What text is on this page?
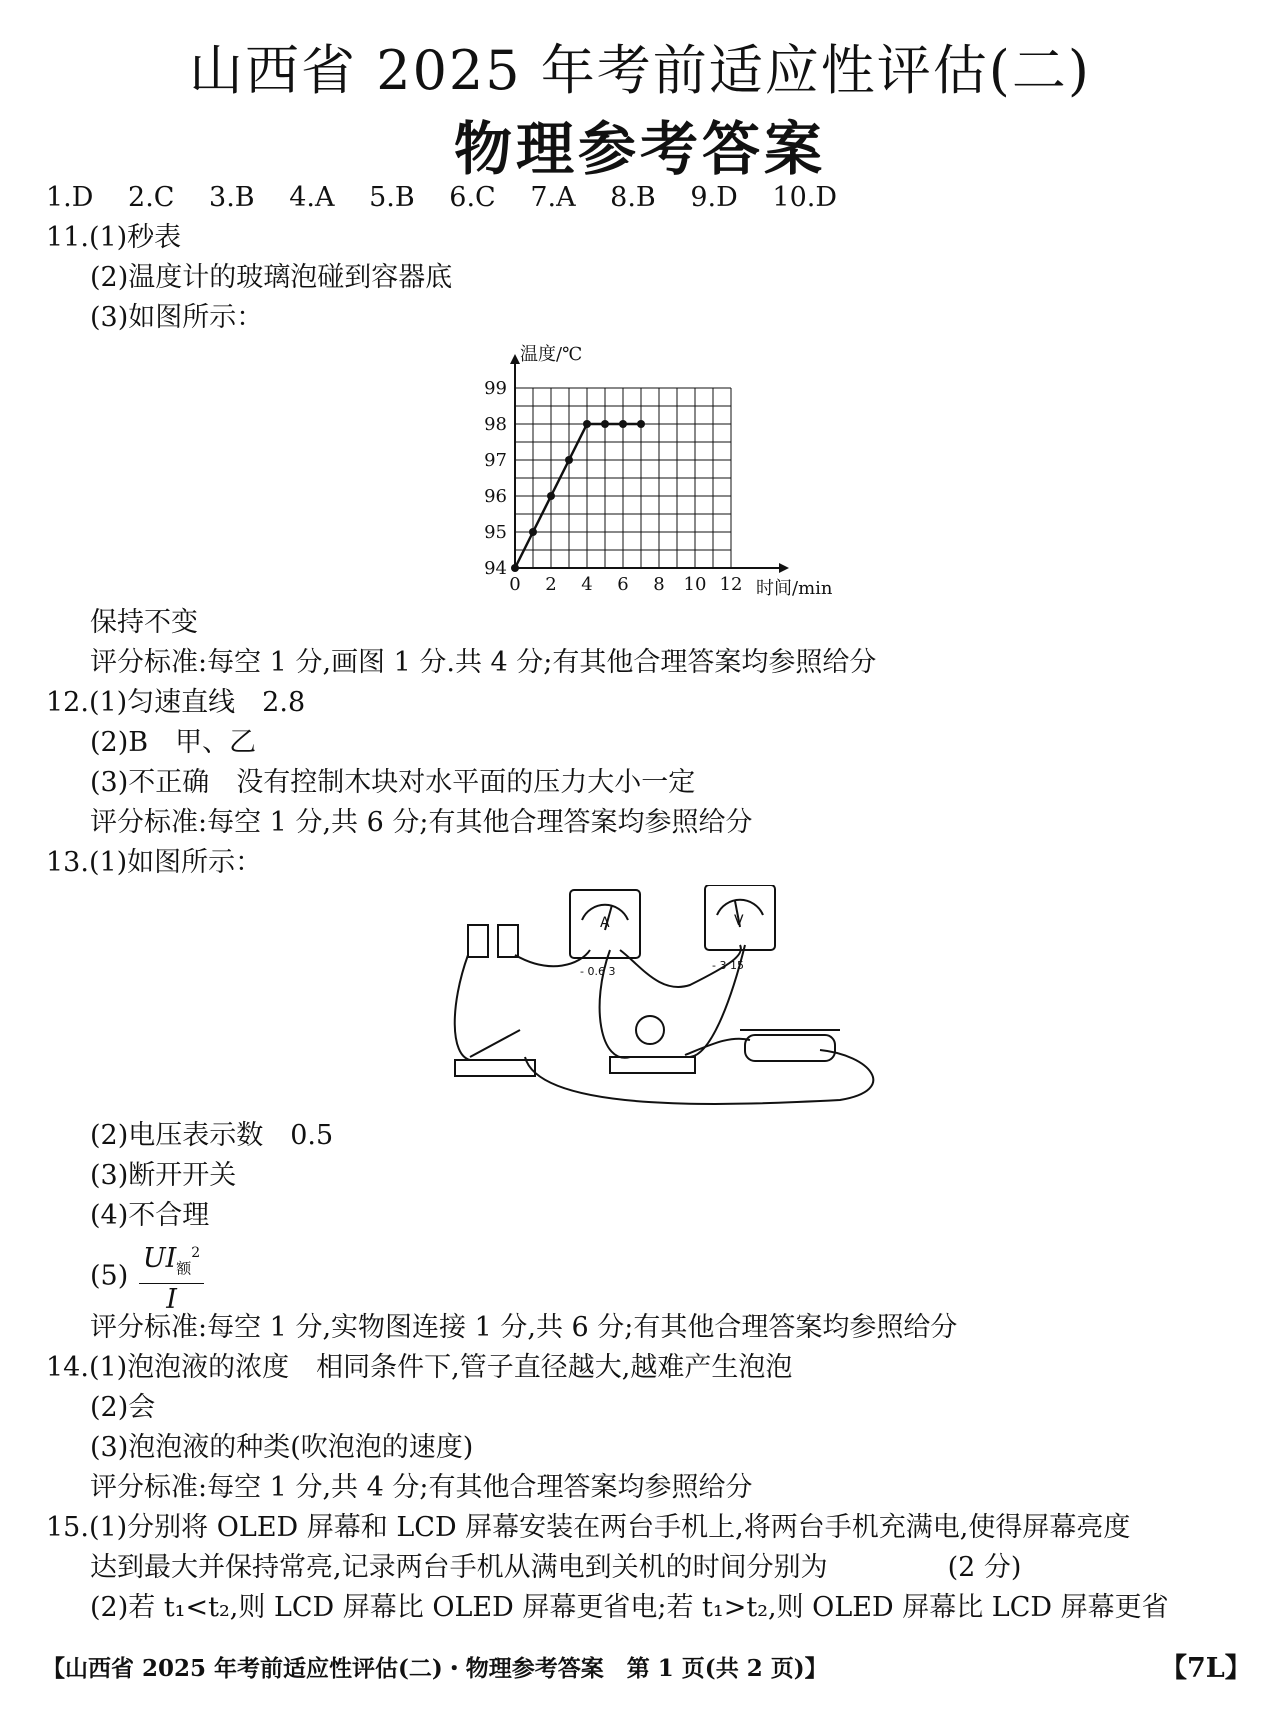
山西省 2025 年考前适应性评估(二)
物理参考答案
1.D 2.C 3.B 4.A 5.B 6.C 7.A 8.B 9.D 10.D
11.(1)秒表
(2)温度计的玻璃泡碰到容器底
(3)如图所示：
0 2 4 6 8 10 12
94
95
96
97
98
99
温度/℃
时间/min
保持不变
评分标准:每空 1 分,画图 1 分.共 4 分;有其他合理答案均参照给分
12.(1)匀速直线　2.8
(2)B　甲、乙
(3)不正确　没有控制木块对水平面的压力大小一定
评分标准:每空 1 分,共 6 分;有其他合理答案均参照给分
13.(1)如图所示：
A
- 0.6 3
V
- 3 15
(2)电压表示数　0.5
(3)断开开关
(4)不合理
$(5) \frac{UI_额^2}{I}$
评分标准:每空 1 分,实物图连接 1 分,共 6 分;有其他合理答案均参照给分
14.(1)泡泡液的浓度　相同条件下,管子直径越大,越难产生泡泡
(2)会
(3)泡泡液的种类(吹泡泡的速度)
评分标准:每空 1 分,共 4 分;有其他合理答案均参照给分
15.(1)分别将 OLED 屏幕和 LCD 屏幕安装在两台手机上,将两台手机充满电,使得屏幕亮度
达到最大并保持常亮,记录两台手机从满电到关机的时间分别为	(2 分)
(2)若 t₁<t₂,则 LCD 屏幕比 OLED 屏幕更省电;若 t₁>t₂,则 OLED 屏幕比 LCD 屏幕更省
【山西省 2025 年考前适应性评估(二)・物理参考答案　第 1 页(共 2 页)】	【7L】
